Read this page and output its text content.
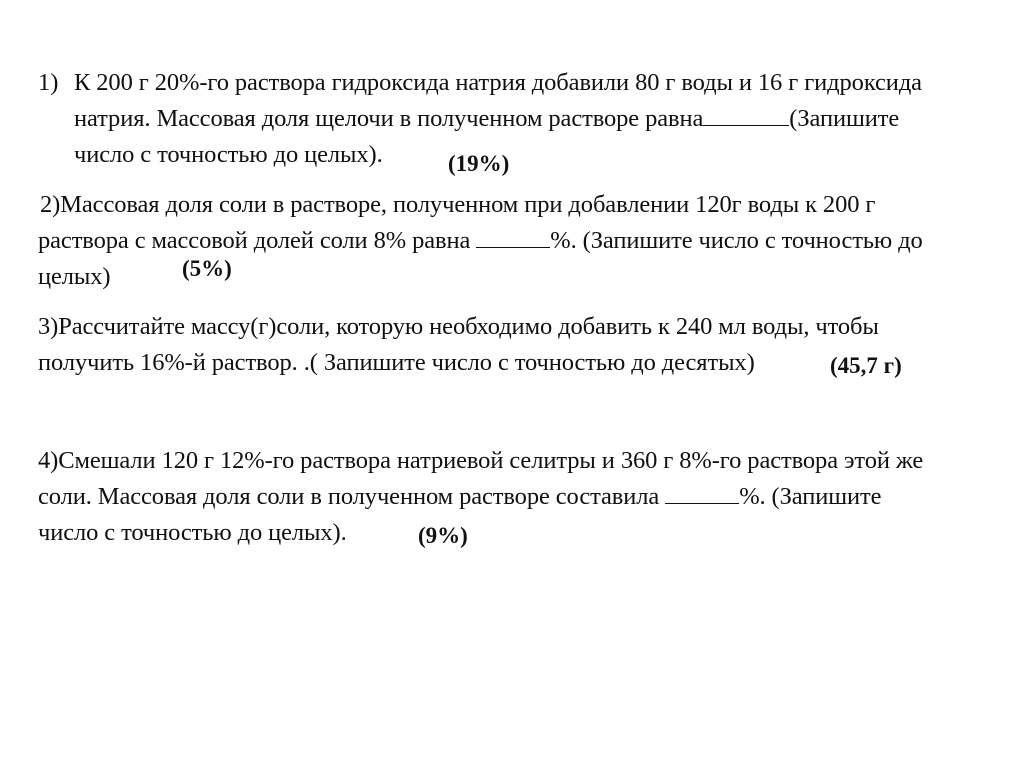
1) К 200 г 20%-го раствора гидроксида натрия добавили 80 г воды и 16 г гидроксида
натрия. Массовая доля щелочи в полученном растворе равна	(Запишите
число с точностью до целых).	(19%)
2)Массовая доля соли в растворе, полученном при добавлении 120г воды к 200 г
раствора с массовой долей соли 8% равна	%. (Запишите число с точностью до
целых)	(5%)
3)Рассчитайте массу(г)соли, которую необходимо добавить к 240 мл воды, чтобы
получить 16%-й раствор. .( Запишите число с точностью до десятых)	(45,7 г)
4)Смешали 120 г 12%-го раствора натриевой селитры и 360 г 8%-го раствора этой же
соли. Массовая доля соли в полученном растворе составила	%. (Запишите
число с точностью до целых).	(9%)
